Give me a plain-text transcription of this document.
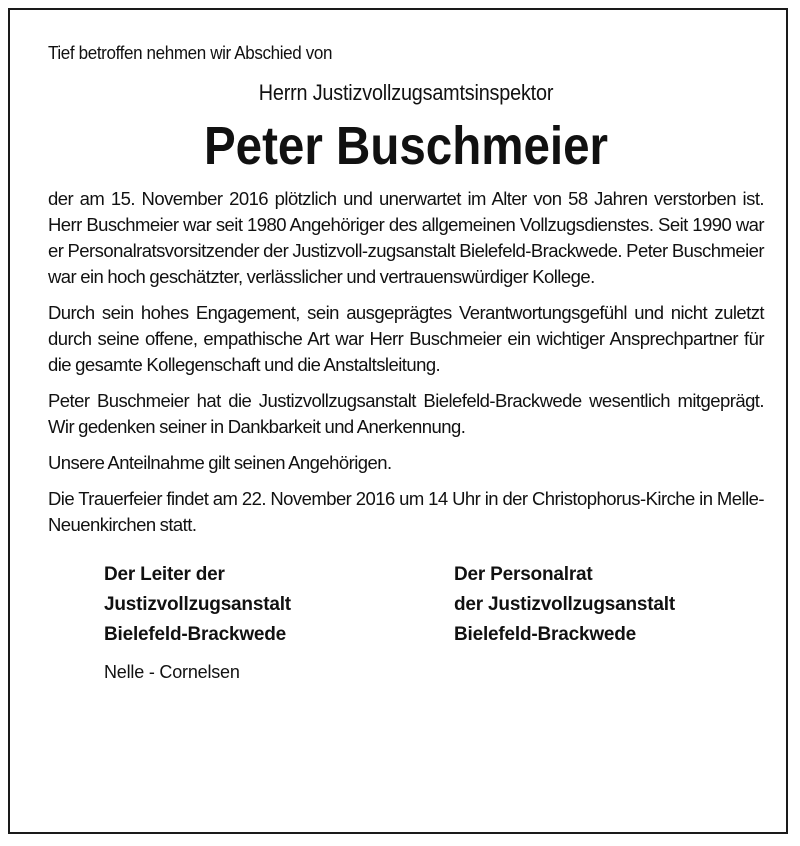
Tief betroffen nehmen wir Abschied von

Herrn Justizvollzugsamtsinspektor

Peter Buschmeier

der am 15. November 2016 plötzlich und unerwartet im Alter von 58 Jahren verstorben ist. Herr Buschmeier war seit 1980 Angehöriger des allgemeinen Vollzugsdienstes. Seit 1990 war er Personalratsvorsitzender der Justizvoll-zugsanstalt Bielefeld-Brackwede. Peter Buschmeier war ein hoch geschätzter, verlässlicher und vertrauenswürdiger Kollege.

Durch sein hohes Engagement, sein ausgeprägtes Verantwortungsgefühl und nicht zuletzt durch seine offene, empathische Art war Herr Buschmeier ein wichtiger Ansprechpartner für die gesamte Kollegenschaft und die Anstaltsleitung.

Peter Buschmeier hat die Justizvollzugsanstalt Bielefeld-Brackwede wesentlich mitgeprägt. Wir gedenken seiner in Dankbarkeit und Anerkennung.

Unsere Anteilnahme gilt seinen Angehörigen.

Die Trauerfeier findet am 22. November 2016 um 14 Uhr in der Christophorus-Kirche in Melle-Neuenkirchen statt.

Der Leiter der
Justizvollzugsanstalt
Bielefeld-Brackwede
Der Personalrat
der Justizvollzugsanstalt
Bielefeld-Brackwede
Nelle - Cornelsen
